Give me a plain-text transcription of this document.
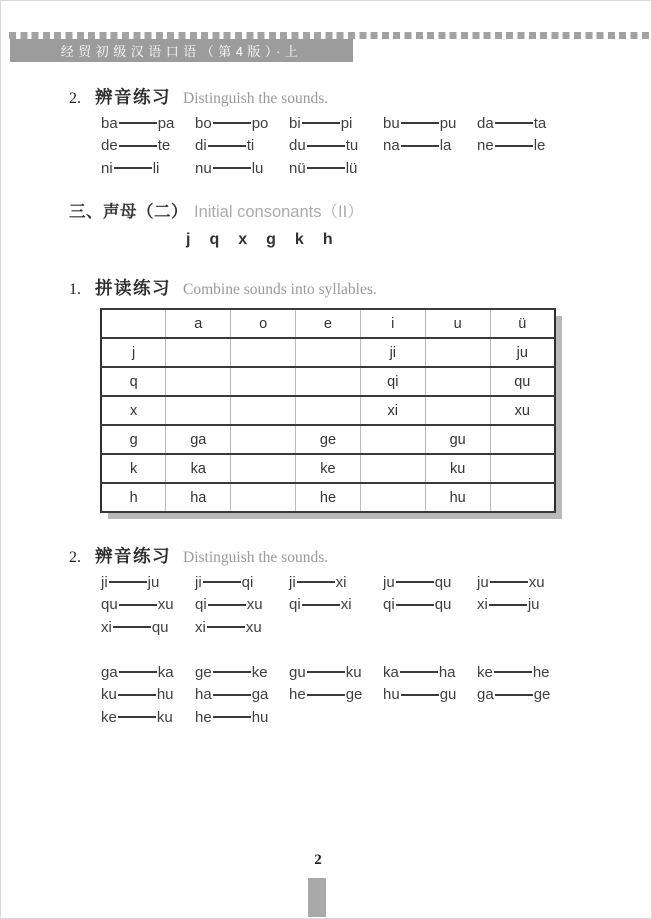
经贸初级汉语口语（第4版）·上
2. 辨音练习 Distinguish the sounds.
ba	pa bo	po bi	pi bu	pu da	ta
de	te di	ti du	tu na	la ne	le
ni	li nu	lu nü	lü
三、声母（二） Initial consonants（II）
j q x g k h
1. 拼读练习 Combine sounds into syllables.
	a	o	e	i	u	ü
j				ji		ju
q				qi		qu
x				xi		xu
g	ga		ge		gu	
k	ka		ke		ku	
h	ha		he		hu	
2. 辨音练习 Distinguish the sounds.
ji	ju ji	qi ji	xi ju	qu ju	xu
qu	xu qi	xu qi	xi qi	qu xi	ju
xi	qu xi	xu
ga	ka ge	ke gu	ku ka	ha ke	he
ku	hu ha	ga he	ge hu	gu ga	ge
ke	ku he	hu
2
